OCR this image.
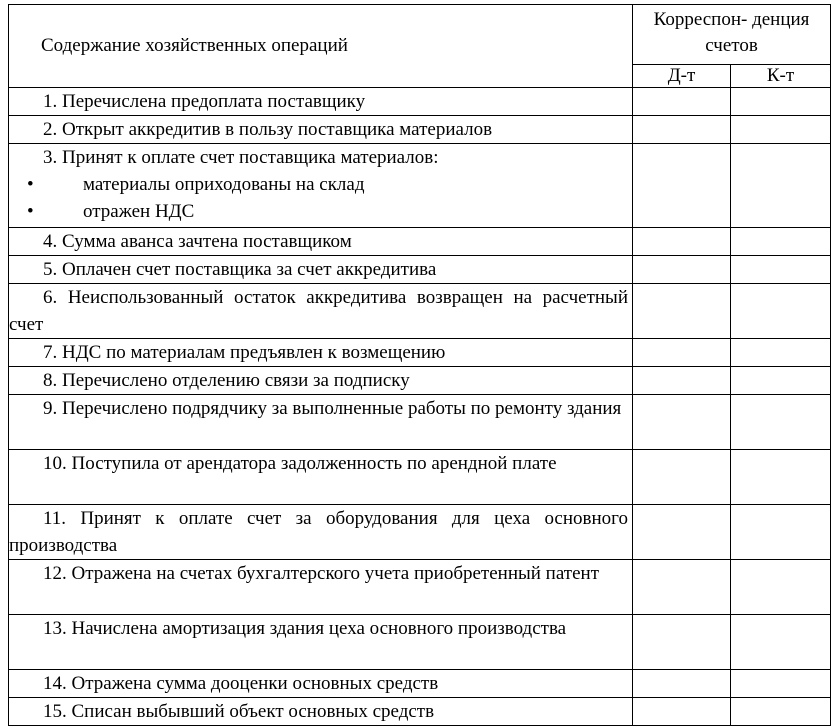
Содержание хозяйственных операций	Корреспон- денция счетов	
	Д-т	К-т

1. Перечислена предоплата поставщику		

2. Открыт аккредитив в пользу поставщика материалов		

3. Принят к оплате счет поставщика материалов:
• материалы оприходованы на склад
• отражен НДС

4. Сумма аванса зачтена поставщиком		

5. Оплачен счет поставщика за счет аккредитива		

6. Неиспользованный остаток аккредитива возвращен на расчетный счет		

7. НДС по материалам предъявлен к возмещению		

8. Перечислено отделению связи за подписку		

9. Перечислено подрядчику за выполненные работы по ремонту здания		

10. Поступила от арендатора задолженность по арендной плате		

11. Принят к оплате счет за оборудования для цеха основного производства		

12. Отражена на счетах бухгалтерского учета приобретенный патент		

13. Начислена амортизация здания цеха основного производства		

14. Отражена сумма дооценки основных средств		

15. Списан выбывший объект основных средств		
